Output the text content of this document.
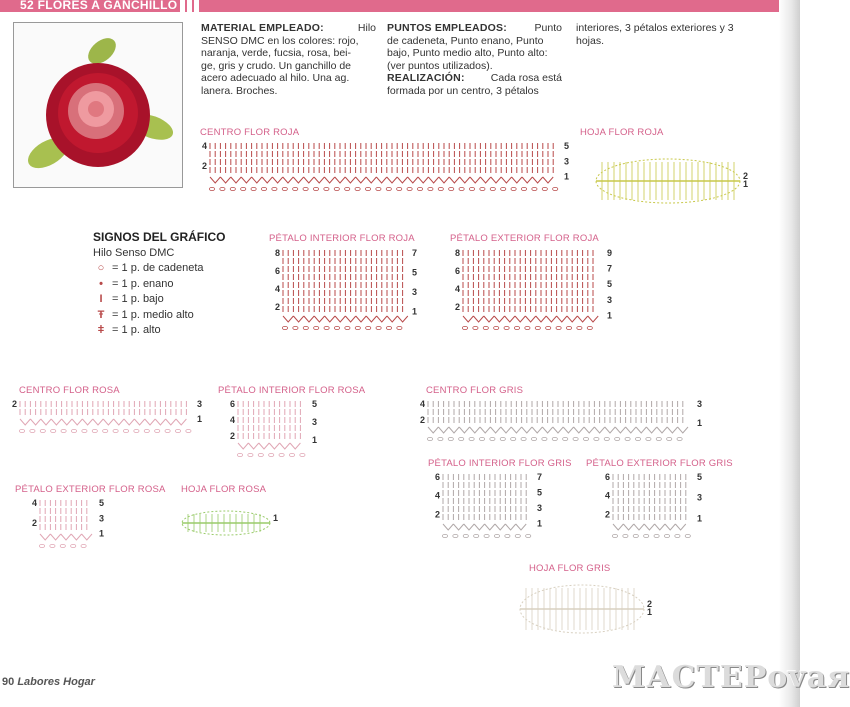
52 FLORES A GANCHILLO
MATERIAL EMPLEADO:	Hilo
SENSO DMC en los colores: rojo,
naranja, verde, fucsia, rosa, bei-
ge, gris y crudo. Un ganchillo de
acero adecuado al hilo. Una ag.
lanera. Broches.
PUNTOS EMPLEADOS:	Punto
de cadeneta, Punto enano, Punto
bajo, Punto medio alto, Punto alto:
(ver puntos utilizados).
REALIZACIÓN: Cada rosa está
formada por un centro, 3 pétalos
interiores, 3 pétalos exteriores y 3
hojas.
SIGNOS DEL GRÁFICO
Hilo Senso DMC
○ = 1 p. de cadeneta
• = 1 p. enano
I = 1 p. bajo
Ŧ = 1 p. medio alto
ǂ = 1 p. alto
CENTRO FLOR ROJA	HOJA FLOR ROJA
PÉTALO INTERIOR FLOR ROJA	PÉTALO EXTERIOR FLOR ROJA
CENTRO FLOR ROSA	PÉTALO INTERIOR FLOR ROSA	CENTRO FLOR GRIS
PÉTALO EXTERIOR FLOR ROSA HOJA FLOR ROSA
PÉTALO INTERIOR FLOR GRIS PÉTALO EXTERIOR FLOR GRIS
HOJA FLOR GRIS
4
2
5
3
1	2
1
8
6
4
2
7
5
3
1
8
6
4
2
9
7
5
3
1
2	3
1
6
4
2
5
3
1
4
2
3
1
4
2
5
3
1
1
6
4
2
7
5
3
1
6
4
2
5
3
1
2
1
90 Labores Hogar	МАСТЕРоvая
